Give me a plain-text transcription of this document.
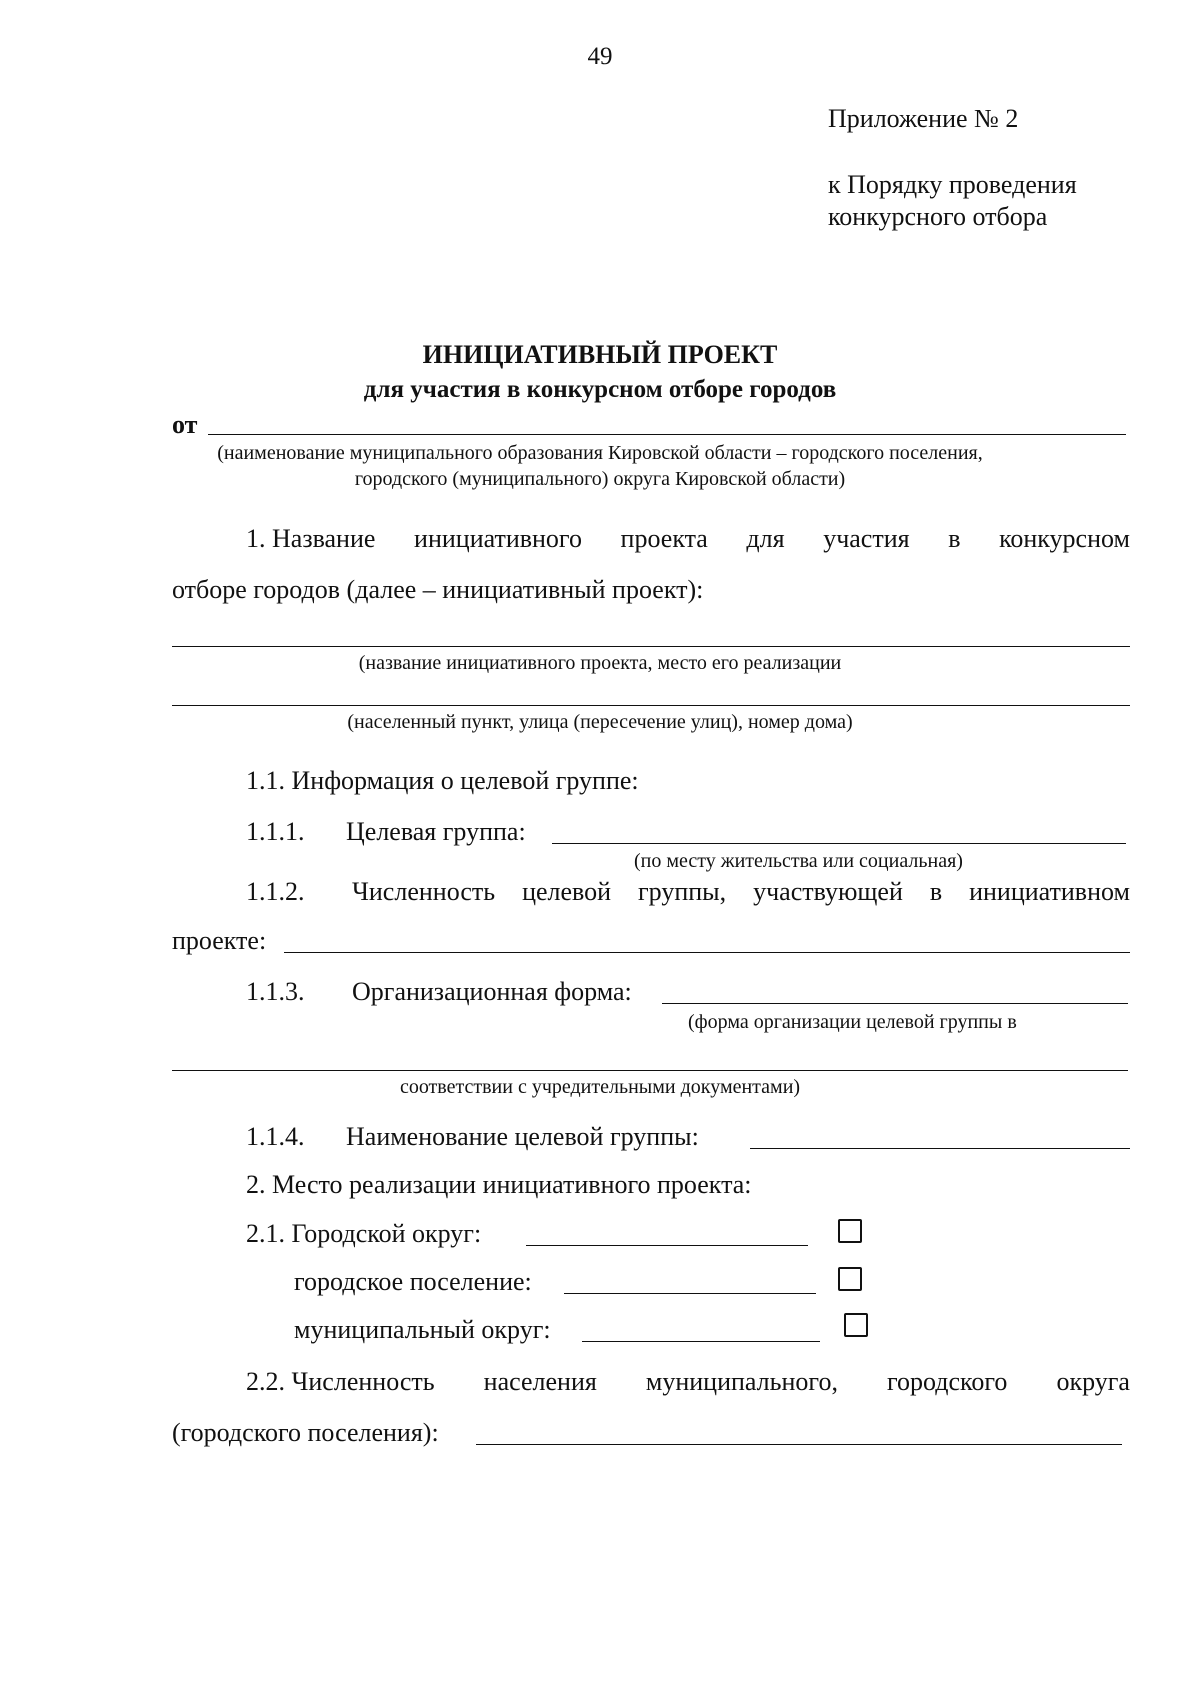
49
Приложение № 2
к Порядку проведения
конкурсного отбора
ИНИЦИАТИВНЫЙ ПРОЕКТ
для участия в конкурсном отборе городов
от
(наименование муниципального образования Кировской области – городского поселения,
городского (муниципального) округа Кировской области)
1. Название инициативного проекта для участия в конкурсном
отборе городов (далее – инициативный проект):
(название инициативного проекта, место его реализации
(населенный пункт, улица (пересечение улиц), номер дома)
1.1. Информация о целевой группе:
1.1.1. Целевая группа:
(по месту жительства или социальная)
1.1.2. Численность целевой группы, участвующей в инициативном
проекте:
1.1.3. Организационная форма:
(форма организации целевой группы в
соответствии с учредительными документами)
1.1.4. Наименование целевой группы:
2. Место реализации инициативного проекта:
2.1. Городской округ:
городское поселение:
муниципальный округ:
2.2. Численность населения муниципального, городского округа
(городского поселения):
